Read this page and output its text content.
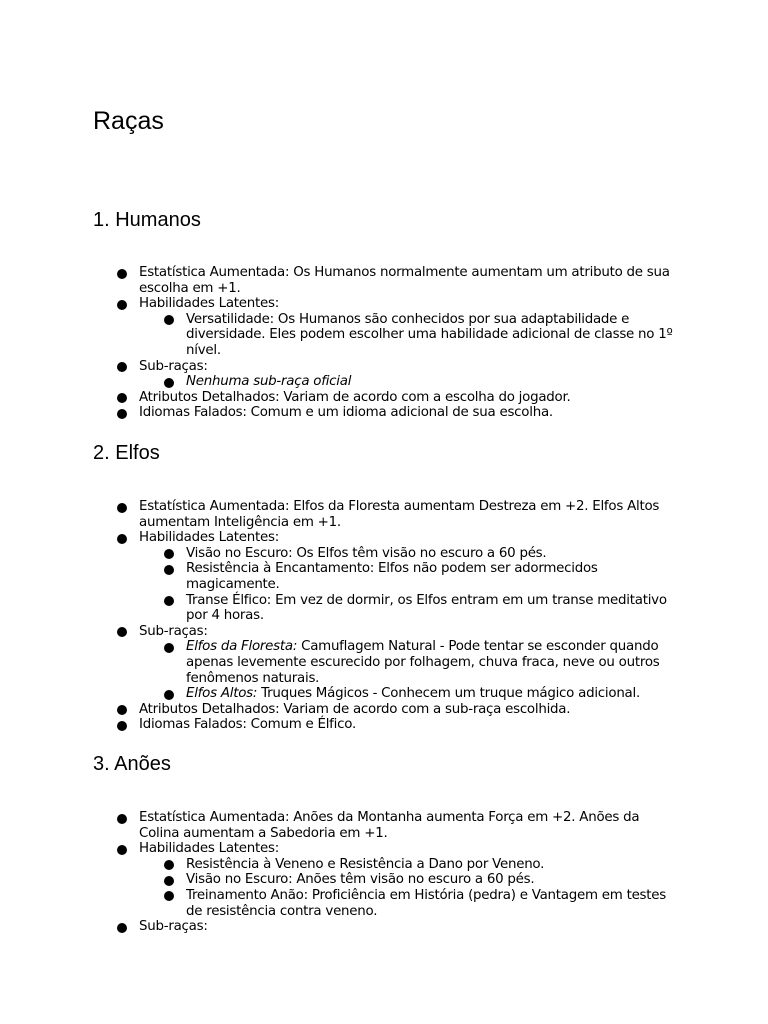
Raças
1. Humanos
Estatística Aumentada: Os Humanos normalmente aumentam um atributo de sua escolha em +1.
Habilidades Latentes:
Versatilidade: Os Humanos são conhecidos por sua adaptabilidade e diversidade. Eles podem escolher uma habilidade adicional de classe no 1º nível.
Sub-raças:
Nenhuma sub-raça oficial
Atributos Detalhados: Variam de acordo com a escolha do jogador.
Idiomas Falados: Comum e um idioma adicional de sua escolha.
2. Elfos
Estatística Aumentada: Elfos da Floresta aumentam Destreza em +2. Elfos Altos aumentam Inteligência em +1.
Habilidades Latentes:
Visão no Escuro: Os Elfos têm visão no escuro a 60 pés.
Resistência à Encantamento: Elfos não podem ser adormecidos magicamente.
Transe Élfico: Em vez de dormir, os Elfos entram em um transe meditativo por 4 horas.
Sub-raças:
Elfos da Floresta: Camuflagem Natural - Pode tentar se esconder quando apenas levemente escurecido por folhagem, chuva fraca, neve ou outros fenômenos naturais.
Elfos Altos: Truques Mágicos - Conhecem um truque mágico adicional.
Atributos Detalhados: Variam de acordo com a sub-raça escolhida.
Idiomas Falados: Comum e Élfico.
3. Anões
Estatística Aumentada: Anões da Montanha aumenta Força em +2. Anões da Colina aumentam a Sabedoria em +1.
Habilidades Latentes:
Resistência à Veneno e Resistência a Dano por Veneno.
Visão no Escuro: Anões têm visão no escuro a 60 pés.
Treinamento Anão: Proficiência em História (pedra) e Vantagem em testes de resistência contra veneno.
Sub-raças:
